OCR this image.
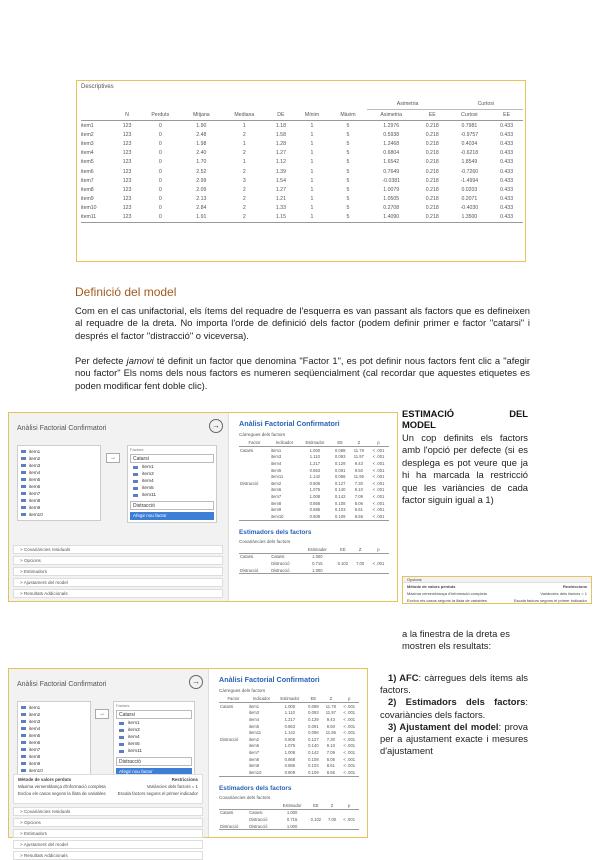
Descriptives
								Asimetria		Curtosi	
	N	Perduts	Mitjana	Mediana	DE	Mínim	Màxim	Asimetria	EE	Curtosi	EE
item1	123	0	1.90	1	1.18	1	5	1.2976	0.218	0.7981	0.433
item2	123	0	2.48	2	1.58	1	5	0.5938	0.218	-0.9757	0.433
item3	123	0	1.98	1	1.28	1	5	1.2468	0.218	0.4034	0.433
item4	123	0	2.40	2	1.27	1	5	0.6804	0.218	-0.6218	0.433
item5	123	0	1.70	1	1.12	1	5	1.6542	0.218	1.8549	0.433
item6	123	0	2.52	2	1.39	1	5	0.7649	0.218	-0.7260	0.433
item7	123	0	2.99	3	1.54	1	5	-0.0381	0.218	-1.4994	0.433
item8	123	0	2.09	2	1.27	1	5	1.0079	0.218	0.0203	0.433
item9	123	0	2.13	2	1.21	1	5	1.0505	0.218	0.2071	0.433
item10	123	0	2.84	2	1.33	1	5	0.2708	0.218	-0.4030	0.433
item11	123	0	1.91	2	1.15	1	5	1.4090	0.218	1.3500	0.433
Definició del model
Com en el cas unifactorial, els ítems del requadre de l'esquerra es van passant als factors que es defineixen al requadre de la dreta. No importa l'orde de definició dels factor (podem definir primer e factor "catarsi" i després el factor "distracció" o viceversa).
Per defecte jamovi té definit un factor que denomina "Factor 1", es pot definir nous factors fent clic a "afegir nou factor" Els noms dels nous factors es numeren seqüencialment (cal recordar que aquestes etiquetes es poden modificar fent doble clic).
Anàlisi Factorial Confirmatori	→
item1
item2
item3
item4
item5
item6
item7
item8
item9
item10
→
Factors
Catarsi
item1
item3
item4
item5
item11
Distracció
Afegir nou factor
> Covariàncies residuals
> Opcions
> Estimadors
> Ajustament del model
> Resultats Addicionals
Anàlisi Factorial Confirmatori
Càrregues dels factors
Factor	Indicador	Estimador	EE	Z	p
Catarsi	item1	1.000	0.088	11.78	< .001
	item3	1.110	0.093	11.97	< .001
	item4	1.217	0.129	9.43	< .001
	item5	0.863	0.091	9.50	< .001
	item11	1.142	0.096	11.95	< .001
Distracció	item2	0.806	0.127	7.30	< .001
	item6	1.075	0.140	9.10	< .001
	item7	1.008	0.142	7.09	< .001
	item8	0.868	0.108	8.06	< .001
	item9	0.885	0.103	8.61	< .001
	item10	0.809	0.109	8.56	< .001
Estimadors dels factors
Covariàncies dels factors
		Estimador	EE	Z	p
Catarsi	Catarsi	1.000			
	Distracció	0.715	0.102	7.00	< .001
Distracció	Distracció	1.000			
ESTIMACIÓ	DEL
MODEL
Un cop definits els factors amb l'opció per defecte (si es desplega es pot veure que ja hi ha marcada la restricció que les variàncies de cada factor siguin igual a 1)
Opcions
Mètode de valors perduts	Restriccions
Màxima versemblança d'informació completa	Variàncies dels factors = 1
Exclou els casos segons la llista de variables	Escala factors segons el primer indicador
a la finestra de la dreta es mostren els resultats:

1) AFC: càrregues dels ítems als factors.

2) Estimadors dels factors: covariàncies dels factors.

3) Ajustament del model: prova per a ajustament exacte i mesures d'ajustament

Anàlisi Factorial Confirmatori	→
item1
item2
item3
item4
item5
item6
item7
item8
item9
item10
→
Factors
Catarsi
item1
item3
item4
item5
item11
Distracció
Afegir nou factor
Mètode de valors perduts	Restriccions
Màxima versemblança d'informació completa	Variàncies dels factors = 1
Exclou els casos segons la llista de variables	Escala factors segons el primer indicador
> Covariàncies residuals
> Opcions
> Estimadors
> Ajustament del model
> Resultats Addicionals
Anàlisi Factorial Confirmatori
Càrregues dels factors
Factor	Indicador	Estimador	EE	Z	p
Catarsi	item1	1.000	0.088	11.78	< .001
	item3	1.110	0.093	11.97	< .001
	item4	1.217	0.129	9.43	< .001
	item5	0.863	0.091	9.50	< .001
	item11	1.142	0.096	11.95	< .001
Distracció	item2	0.806	0.127	7.30	< .001
	item6	1.075	0.140	9.10	< .001
	item7	1.008	0.142	7.09	< .001
	item8	0.868	0.108	8.06	< .001
	item9	0.885	0.103	8.61	< .001
	item10	0.809	0.109	8.56	< .001
Estimadors dels factors
Covariàncies dels factors
		Estimador	EE	Z	p
Catarsi	Catarsi	1.000			
	Distracció	0.715	0.102	7.00	< .001
Distracció	Distracció	1.000			
